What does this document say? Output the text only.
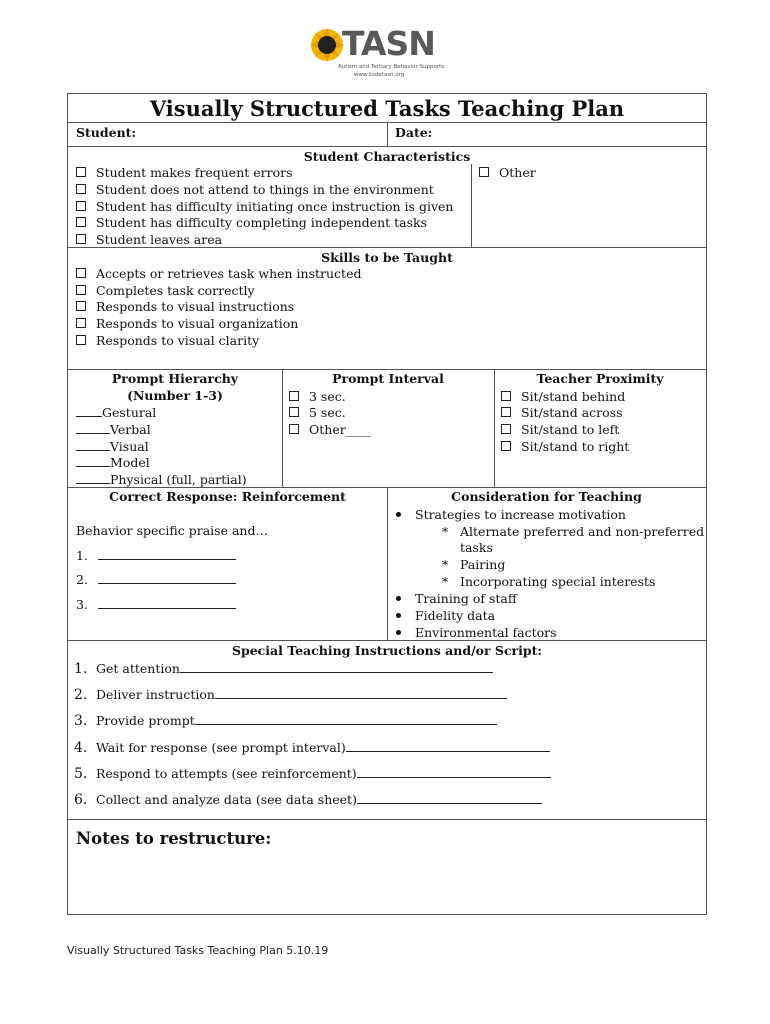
TASN
Autism and Tertiary Behavior Supports
www.ksdetasn.org
Visually Structured Tasks Teaching Plan
Student:	Date:
Student Characteristics
Student makes frequent errors
Student does not attend to things in the environment
Student has difficulty initiating once instruction is given
Student has difficulty completing independent tasks
Student leaves area
Other
Skills to be Taught
Accepts or retrieves task when instructed
Completes task correctly
Responds to visual instructions
Responds to visual organization
Responds to visual clarity
Prompt Hierarchy
(Number 1-3)
Gestural
Verbal
Visual
Model
Physical (full, partial)
Prompt Interval
3 sec.
5 sec.
Other____
Teacher Proximity
Sit/stand behind
Sit/stand across
Sit/stand to left
Sit/stand to right
Correct Response: Reinforcement
Behavior specific praise and…
1.
2.
3.
Consideration for Teaching
Strategies to increase motivation
* Alternate preferred and non-preferred
tasks
* Pairing
* Incorporating special interests
Training of staff
Fidelity data
Environmental factors
Special Teaching Instructions and/or Script:
1. Get attention
2. Deliver instruction
3. Provide prompt
4. Wait for response (see prompt interval)
5. Respond to attempts (see reinforcement)
6. Collect and analyze data (see data sheet)
Notes to restructure:
Visually Structured Tasks Teaching Plan 5.10.19
